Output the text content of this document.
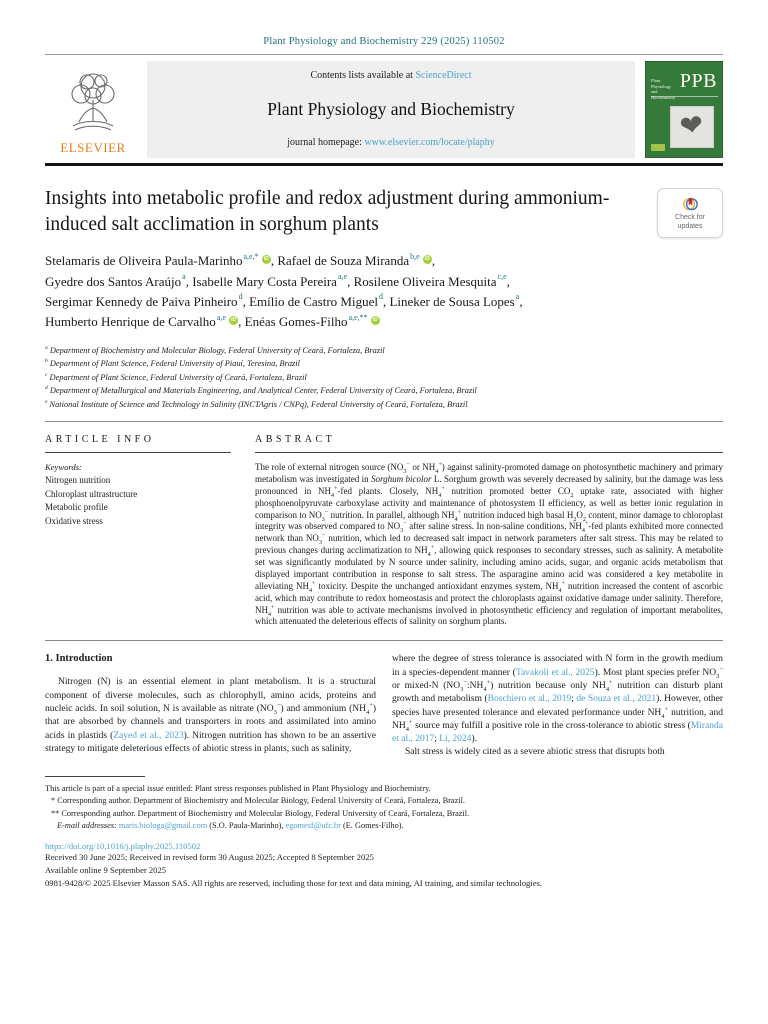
Plant Physiology and Biochemistry 229 (2025) 110502
ELSEVIER
Contents lists available at ScienceDirect
Plant Physiology and Biochemistry
journal homepage: www.elsevier.com/locate/plaphy
Plant Physiology and Biochemistry
PPB
❤
Insights into metabolic profile and redox adjustment during ammonium-induced salt acclimation in sorghum plants	Check for updates

Stelamaris de Oliveira Paula-Marinho$^{a,e,*}$ iD , Rafael de Souza Miranda$^{b,e}$ iD ,
Gyedre dos Santos Araújo$^a$, Isabelle Mary Costa Pereira$^{a,e}$, Rosilene Oliveira Mesquita$^{c,e}$,
Sergimar Kennedy de Paiva Pinheiro$^d$, Emílio de Castro Miguel$^d$, Lineker de Sousa Lopes$^a$,
Humberto Henrique de Carvalho$^{a,e}$ iD , Enéas Gomes-Filho$^{a,e,**}$ iD

$^a$ Department of Biochemistry and Molecular Biology, Federal University of Ceará, Fortaleza, Brazil
$^b$ Department of Plant Science, Federal University of Piauí, Teresina, Brazil
$^c$ Department of Plant Science, Federal University of Ceará, Fortaleza, Brazil
$^d$ Department of Metallurgical and Materials Engineering, and Analytical Center, Federal University of Ceará, Fortaleza, Brazil
$^e$ National Institute of Science and Technology in Salinity (INCTAgris / CNPq), Federal University of Ceará, Fortaleza, Brazil
ARTICLE INFO
Keywords:
Nitrogen nutrition
Chloroplast ultrastructure
Metabolic profile
Oxidative stress
ABSTRACT

The role of external nitrogen source ($NO_3^-$ or $NH_4^+$) against salinity-promoted damage on photosynthetic machinery and primary metabolism was investigated in Sorghum bicolor L. Sorghum growth was severely decreased by salinity, but the damage was less pronounced in $NH_4^+$-fed plants. Closely, $NH_4^+$ nutrition promoted better $CO_2$ uptake rate, associated with higher phosphoenolpyruvate carboxylase activity and maintenance of photosystem II efficiency, as well as better ionic regulation in comparison to $NO_3^-$ nutrition. In parallel, although $NH_4^+$ nutrition induced high basal $H_2O_2$ content, minor damage to chloroplast integrity was observed compared to $NO_3^-$ after saline stress. In non-saline conditions, $NH_4^+$-fed plants exhibited more connected network than $NO_3^-$ nutrition, which led to decreased salt impact in network parameters after salt stress. This may be related to previous changes during acclimatization to $NH_4^+$, allowing quick responses to secondary stresses, such as salinity. A metabolite set was significantly modulated by N source under salinity, including amino acids, sugar, and organic acids metabolism that displayed important contribution in response to salt stress. The asparagine amino acid was considered a key metabolite in alleviating $NH_4^+$ toxicity. Despite the unchanged antioxidant enzymes system, $NH_4^+$ nutrition increased the content of ascorbic acid, which may contribute to redox homeostasis and protect the chloroplasts against oxidative damage under salinity. Therefore, $NH_4^+$ nutrition was able to activate mechanisms involved in photosynthetic efficiency and regulation of important metabolites, which attenuated the deleterious effects of salinity on sorghum plants.

1. Introduction

Nitrogen (N) is an essential element in plant metabolism. It is a structural component of diverse molecules, such as chlorophyll, amino acids, proteins and nucleic acids. In soil solution, N is available as nitrate $(NO_3^-)$ and ammonium $(NH_4^+)$ that are absorbed by channels and transporters in roots and assimilated into amino acids in plastids (Zayed et al., 2023). Nitrogen nutrition has shown to be an assertive strategy to mitigate deleterious effects of abiotic stress in plants, such as salinity,

where the degree of stress tolerance is associated with N form in the growth medium in a species-dependent manner (Tavakoli et al., 2025). Most plant species prefer $NO_3^-$ or mixed-N $(NO_3^-:NH_4^+)$ nutrition because only $NH_4^+$ nutrition can disturb plant growth and metabolism (Boschiero et al., 2019; de Souza et al., 2021). However, other species have presented tolerance and elevated performance under $NH_4^+$ nutrition, and $NH_4^+$ source may fulfill a positive role in the cross-tolerance to abiotic stress (Miranda et al., 2017; Li, 2024).

Salt stress is widely cited as a severe abiotic stress that disrupts both

This article is part of a special issue entitled: Plant stress responses published in Plant Physiology and Biochemistry.
* Corresponding author. Department of Biochemistry and Molecular Biology, Federal University of Ceará, Fortaleza, Brazil.
** Corresponding author. Department of Biochemistry and Molecular Biology, Federal University of Ceará, Fortaleza, Brazil.
E-mail addresses: maris.biologa@gmail.com (S.O. Paula-Marinho), egomesf@ufc.br (E. Gomes-Filho).
https://doi.org/10.1016/j.plaphy.2025.110502
Received 30 June 2025; Received in revised form 30 August 2025; Accepted 8 September 2025
Available online 9 September 2025
0981-9428/© 2025 Elsevier Masson SAS. All rights are reserved, including those for text and data mining, AI training, and similar technologies.
